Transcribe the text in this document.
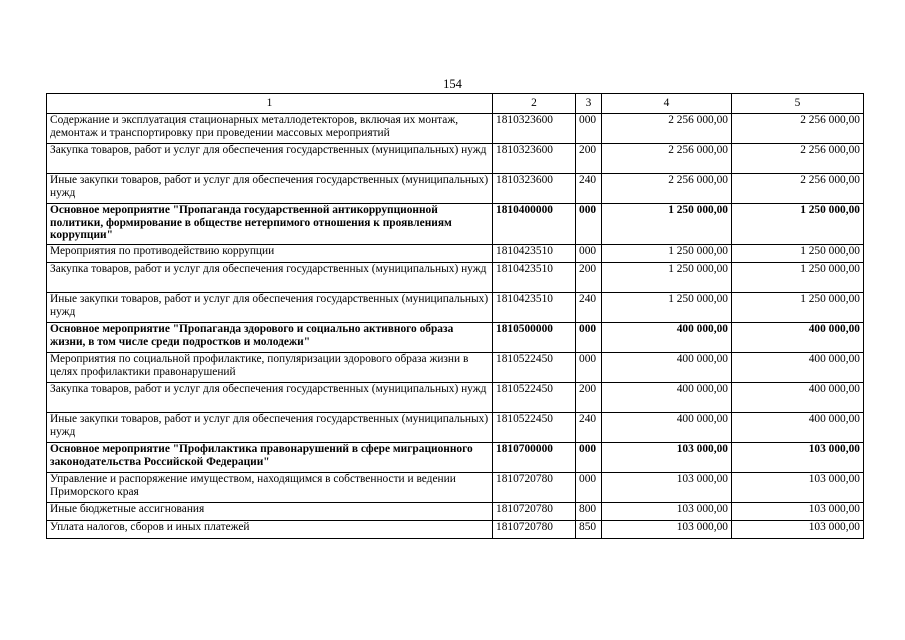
154
1	2	3	4	5
Содержание и эксплуатация стационарных металлодетекторов, включая их монтаж, демонтаж и транспортировку при проведении массовых мероприятий	1810323600	000	2 256 000,00	2 256 000,00
Закупка товаров, работ и услуг для обеспечения государственных (муниципальных) нужд	1810323600	200	2 256 000,00	2 256 000,00
Иные закупки товаров, работ и услуг для обеспечения государственных (муниципальных) нужд	1810323600	240	2 256 000,00	2 256 000,00
Основное мероприятие "Пропаганда государственной антикоррупционной политики, формирование в обществе нетерпимого отношения к проявлениям коррупции"	1810400000	000	1 250 000,00	1 250 000,00
Мероприятия по противодействию коррупции	1810423510	000	1 250 000,00	1 250 000,00
Закупка товаров, работ и услуг для обеспечения государственных (муниципальных) нужд	1810423510	200	1 250 000,00	1 250 000,00
Иные закупки товаров, работ и услуг для обеспечения государственных (муниципальных) нужд	1810423510	240	1 250 000,00	1 250 000,00
Основное мероприятие "Пропаганда здорового и социально активного образа жизни, в том числе среди подростков и молодежи"	1810500000	000	400 000,00	400 000,00
Мероприятия по социальной профилактике, популяризации здорового образа жизни в целях профилактики правонарушений	1810522450	000	400 000,00	400 000,00
Закупка товаров, работ и услуг для обеспечения государственных (муниципальных) нужд	1810522450	200	400 000,00	400 000,00
Иные закупки товаров, работ и услуг для обеспечения государственных (муниципальных) нужд	1810522450	240	400 000,00	400 000,00
Основное мероприятие "Профилактика правонарушений в сфере миграционного законодательства Российской Федерации"	1810700000	000	103 000,00	103 000,00
Управление и распоряжение имуществом, находящимся в собственности и ведении Приморского края	1810720780	000	103 000,00	103 000,00
Иные бюджетные ассигнования	1810720780	800	103 000,00	103 000,00
Уплата налогов, сборов и иных платежей	1810720780	850	103 000,00	103 000,00
